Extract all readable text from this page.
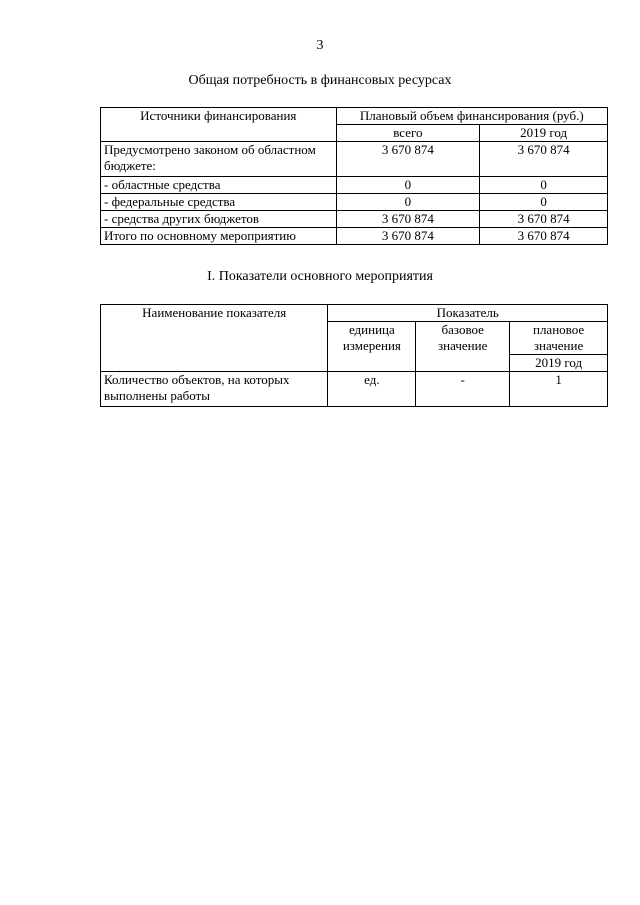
3
Общая потребность в финансовых ресурсах
Источники финансирования	Плановый объем финансирования (руб.)	
	всего	2019 год
Предусмотрено законом об областном бюджете:	3 670 874	3 670 874
- областные средства	0	0
- федеральные средства	0	0
- средства других бюджетов	3 670 874	3 670 874
Итого по основному мероприятию	3 670 874	3 670 874
I. Показатели основного мероприятия
Наименование показателя	Показатель		
	единица измерения	базовое значение	плановое значение
			2019 год
Количество объектов, на которых выполнены работы	ед.	-	1
